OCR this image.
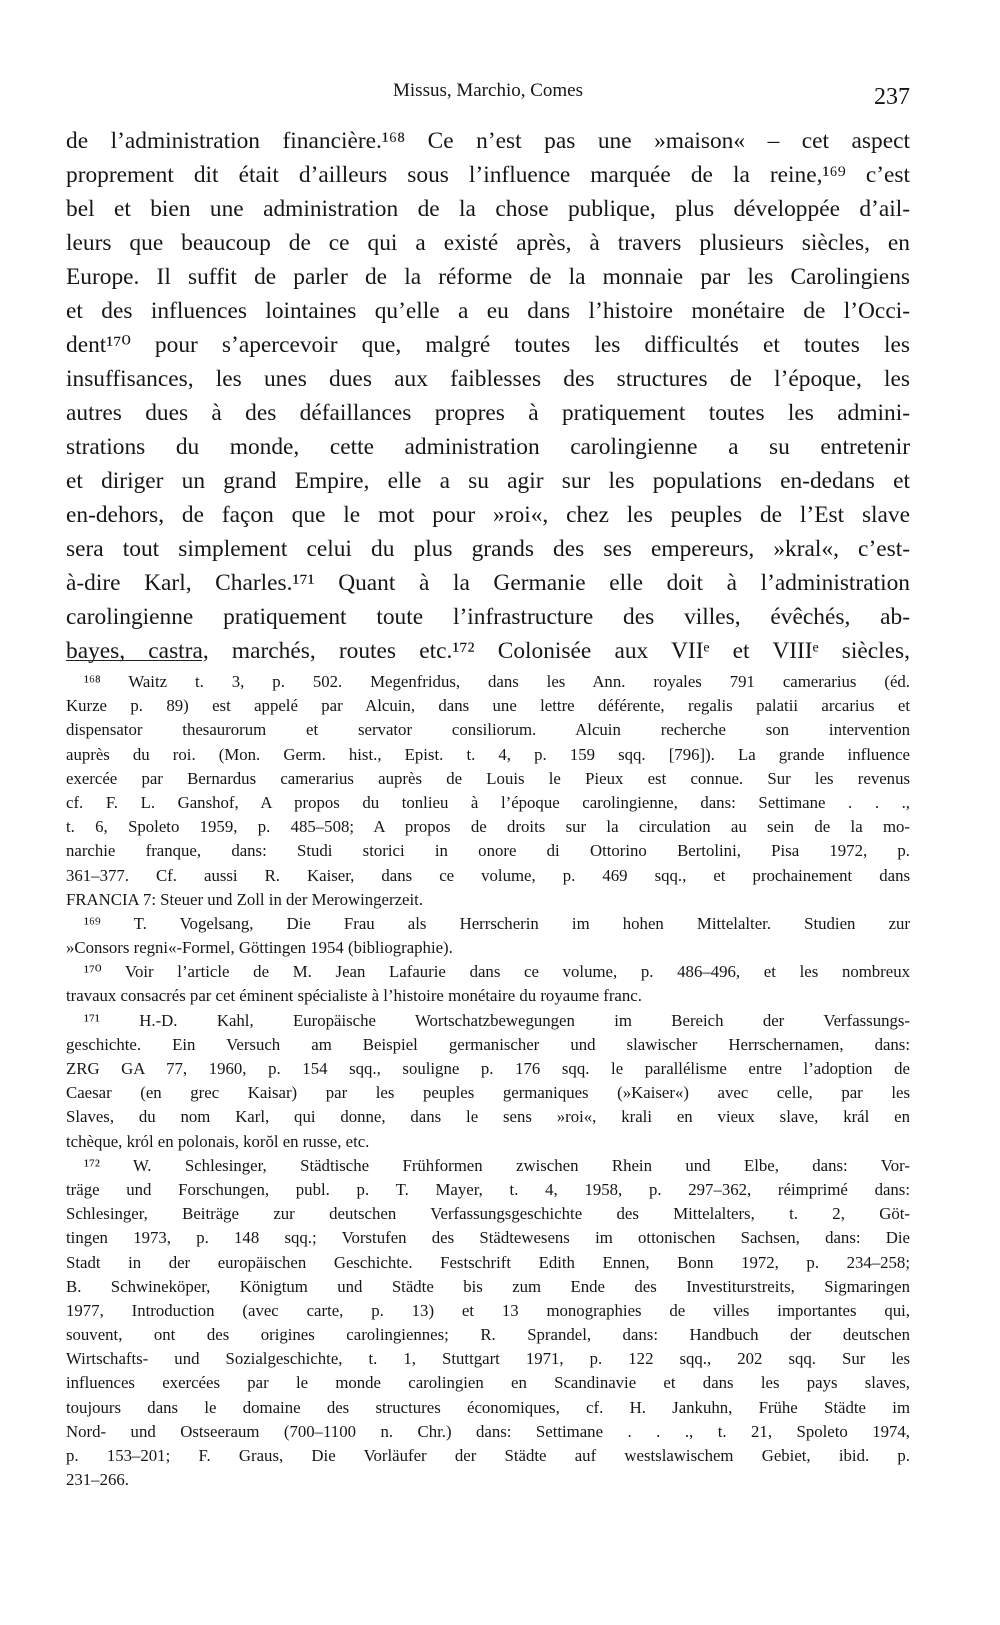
Missus, Marchio, Comes	237
de l’administration financière.¹⁶⁸ Ce n’est pas une »maison« – cet aspect
proprement dit était d’ailleurs sous l’influence marquée de la reine,¹⁶⁹ c’est
bel et bien une administration de la chose publique, plus développée d’ail-
leurs que beaucoup de ce qui a existé après, à travers plusieurs siècles, en
Europe. Il suffit de parler de la réforme de la monnaie par les Carolingiens
et des influences lointaines qu’elle a eu dans l’histoire monétaire de l’Occi-
dent¹⁷⁰ pour s’apercevoir que, malgré toutes les difficultés et toutes les
insuffisances, les unes dues aux faiblesses des structures de l’époque, les
autres dues à des défaillances propres à pratiquement toutes les admini-
strations du monde, cette administration carolingienne a su entretenir
et diriger un grand Empire, elle a su agir sur les populations en-dedans et
en-dehors, de façon que le mot pour »roi«, chez les peuples de l’Est slave
sera tout simplement celui du plus grands des ses empereurs, »kral«, c’est-
à-dire Karl, Charles.¹⁷¹ Quant à la Germanie elle doit à l’administration
carolingienne pratiquement toute l’infrastructure des villes, évêchés, ab-
bayes, castra, marchés, routes etc.¹⁷² Colonisée aux VIIᵉ et VIIIᵉ siècles,
¹⁶⁸ Waitz t. 3, p. 502. Megenfridus, dans les Ann. royales 791 camerarius (éd.
Kurze p. 89) est appelé par Alcuin, dans une lettre déférente, regalis palatii arcarius et
dispensator thesaurorum et servator consiliorum. Alcuin recherche son intervention
auprès du roi. (Mon. Germ. hist., Epist. t. 4, p. 159 sqq. [796]). La grande influence
exercée par Bernardus camerarius auprès de Louis le Pieux est connue. Sur les revenus
cf. F. L. Ganshof, A propos du tonlieu à l’époque carolingienne, dans: Settimane . . .,
t. 6, Spoleto 1959, p. 485–508; A propos de droits sur la circulation au sein de la mo-
narchie franque, dans: Studi storici in onore di Ottorino Bertolini, Pisa 1972, p.
361–377. Cf. aussi R. Kaiser, dans ce volume, p. 469 sqq., et prochainement dans
FRANCIA 7: Steuer und Zoll in der Merowingerzeit.
¹⁶⁹ T. Vogelsang, Die Frau als Herrscherin im hohen Mittelalter. Studien zur
»Consors regni«-Formel, Göttingen 1954 (bibliographie).
¹⁷⁰ Voir l’article de M. Jean Lafaurie dans ce volume, p. 486–496, et les nombreux
travaux consacrés par cet éminent spécialiste à l’histoire monétaire du royaume franc.
¹⁷¹ H.-D. Kahl, Europäische Wortschatzbewegungen im Bereich der Verfassungs-
geschichte. Ein Versuch am Beispiel germanischer und slawischer Herrschernamen, dans:
ZRG GA 77, 1960, p. 154 sqq., souligne p. 176 sqq. le parallélisme entre l’adoption de
Caesar (en grec Kaisar) par les peuples germaniques (»Kaiser«) avec celle, par les
Slaves, du nom Karl, qui donne, dans le sens »roi«, krali en vieux slave, král en
tchèque, król en polonais, korŏl en russe, etc.
¹⁷² W. Schlesinger, Städtische Frühformen zwischen Rhein und Elbe, dans: Vor-
träge und Forschungen, publ. p. T. Mayer, t. 4, 1958, p. 297–362, réimprimé dans:
Schlesinger, Beiträge zur deutschen Verfassungsgeschichte des Mittelalters, t. 2, Göt-
tingen 1973, p. 148 sqq.; Vorstufen des Städtewesens im ottonischen Sachsen, dans: Die
Stadt in der europäischen Geschichte. Festschrift Edith Ennen, Bonn 1972, p. 234–258;
B. Schwineköper, Königtum und Städte bis zum Ende des Investiturstreits, Sigmaringen
1977, Introduction (avec carte, p. 13) et 13 monographies de villes importantes qui,
souvent, ont des origines carolingiennes; R. Sprandel, dans: Handbuch der deutschen
Wirtschafts- und Sozialgeschichte, t. 1, Stuttgart 1971, p. 122 sqq., 202 sqq. Sur les
influences exercées par le monde carolingien en Scandinavie et dans les pays slaves,
toujours dans le domaine des structures économiques, cf. H. Jankuhn, Frühe Städte im
Nord- und Ostseeraum (700–1100 n. Chr.) dans: Settimane . . ., t. 21, Spoleto 1974,
p. 153–201; F. Graus, Die Vorläufer der Städte auf westslawischem Gebiet, ibid. p.
231–266.
